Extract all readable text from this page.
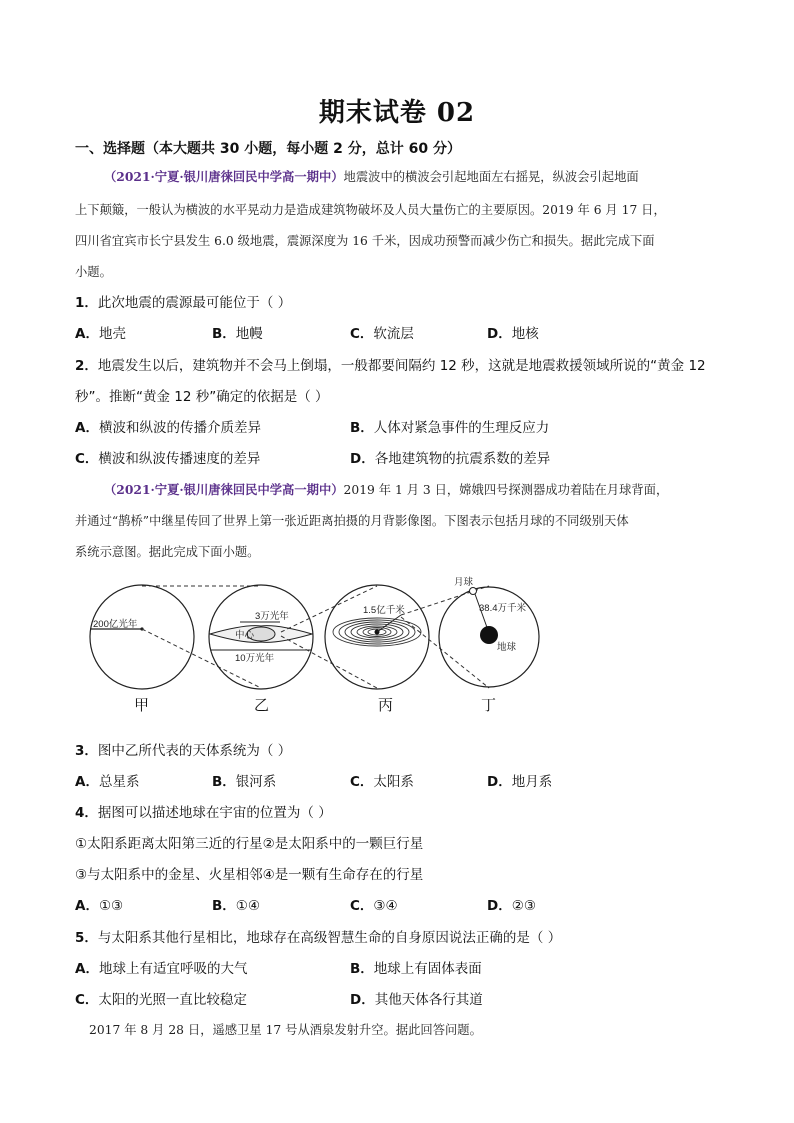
期末试卷 02
一、选择题（本大题共 30 小题，每小题 2 分，总计 60 分）
（2021·宁夏·银川唐徕回民中学高一期中）地震波中的横波会引起地面左右摇晃，纵波会引起地面
上下颠簸，一般认为横波的水平晃动力是造成建筑物破坏及人员大量伤亡的主要原因。2019 年 6 月 17 日，
四川省宜宾市长宁县发生 6.0 级地震，震源深度为 16 千米，因成功预警而减少伤亡和损失。据此完成下面
小题。
1．此次地震的震源最可能位于（ ）
A．地壳	B．地幔	C．软流层	D．地核
2．地震发生以后，建筑物并不会马上倒塌，一般都要间隔约 12 秒，这就是地震救援领域所说的“黄金 12
秒”。推断“黄金 12 秒”确定的依据是（ ）
A．横波和纵波的传播介质差异	B．人体对紧急事件的生理反应力
C．横波和纵波传播速度的差异	D．各地建筑物的抗震系数的差异
（2021·宁夏·银川唐徕回民中学高一期中）2019 年 1 月 3 日，嫦娥四号探测器成功着陆在月球背面，
并通过“鹊桥”中继星传回了世界上第一张近距离拍摄的月背影像图。下图表示包括月球的不同级别天体
系统示意图。据此完成下面小题。
200亿光年
3万光年
中心
10万光年
1.5亿千米
月球
38.4万千米
地球
甲	乙	丙	丁
3．图中乙所代表的天体系统为（ ）
A．总星系	B．银河系	C．太阳系	D．地月系
4．据图可以描述地球在宇宙的位置为（ ）
①太阳系距离太阳第三近的行星②是太阳系中的一颗巨行星
③与太阳系中的金星、火星相邻④是一颗有生命存在的行星
A．①③	B．①④	C．③④	D．②③
5．与太阳系其他行星相比，地球存在高级智慧生命的自身原因说法正确的是（ ）
A．地球上有适宜呼吸的大气	B．地球上有固体表面
C．太阳的光照一直比较稳定	D．其他天体各行其道
2017 年 8 月 28 日，遥感卫星 17 号从酒泉发射升空。据此回答问题。
